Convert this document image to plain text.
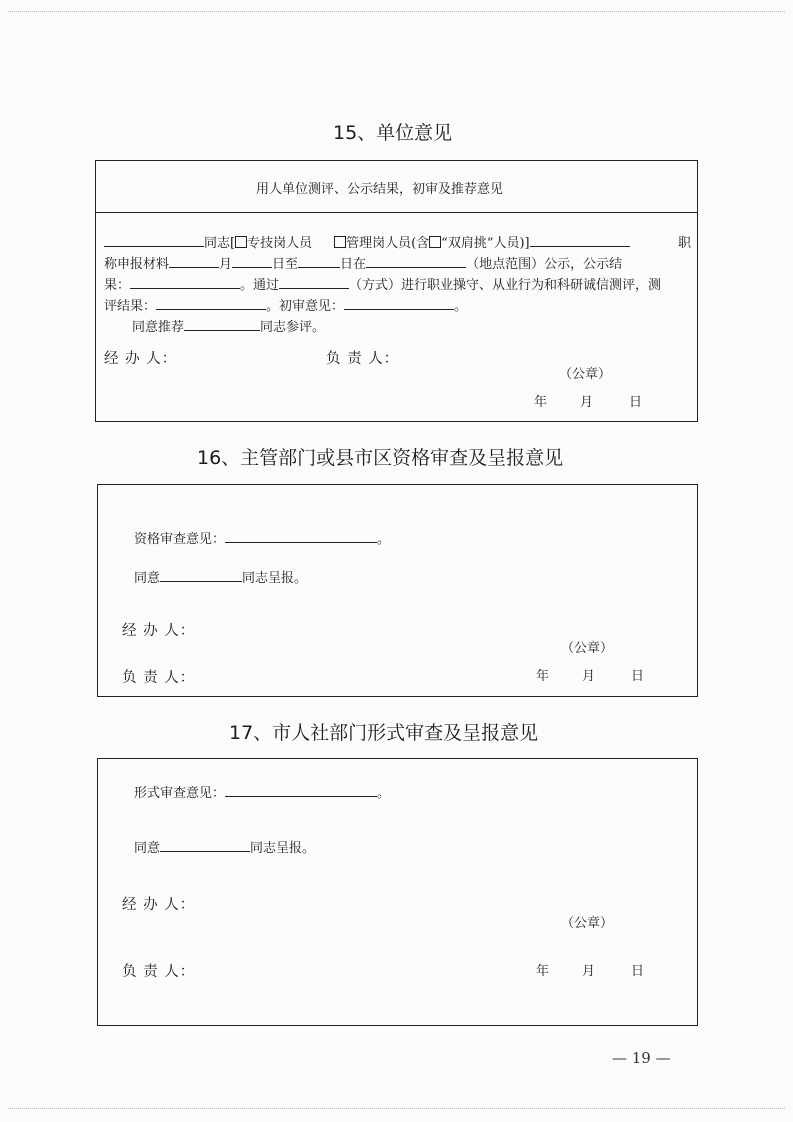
15、单位意见
用人单位测评、公示结果，初审及推荐意见
同志[ 专技岗人员	管理岗人员(含 “双肩挑”人员)]	职
称申报材料	月	日至	日在	（地点范围）公示，公示结
果：	。通过	（方式）进行职业操守、从业行为和科研诚信测评，测
评结果：	。初审意见：	。
同意推荐	同志参评。
经 办 人：	负 责 人：
（公章）
年	月	日
16、主管部门或县市区资格审查及呈报意见
资格审查意见：	。
同意	同志呈报。
经 办 人：
（公章）
负 责 人：	年	月	日
17、市人社部门形式审查及呈报意见
形式审查意见：	。
同意	同志呈报。
经 办 人：
（公章）
负 责 人：	年	月	日
— 19 —
